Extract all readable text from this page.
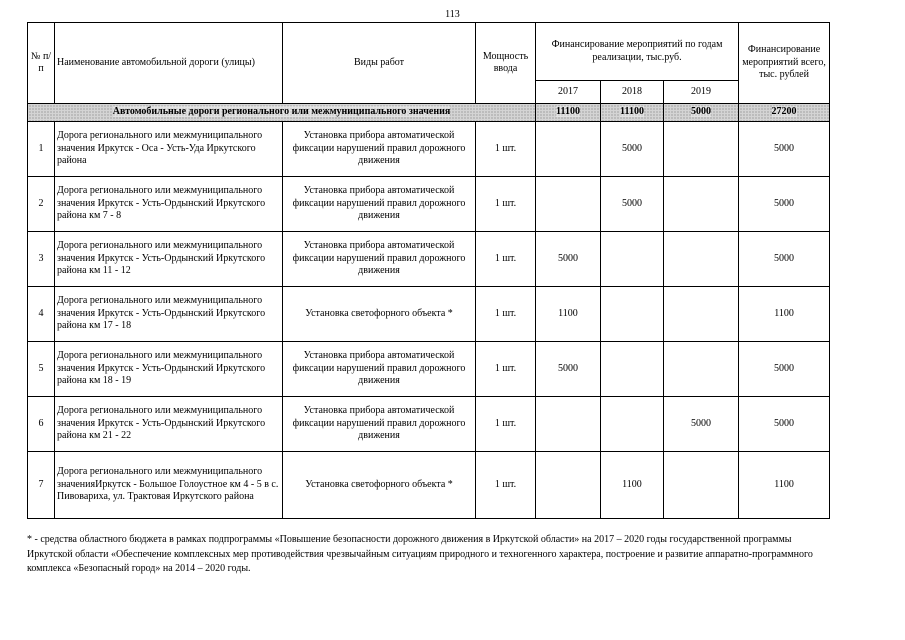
113
№ п/п	Наименование автомобильной дороги (улицы)	Виды работ	Мощность ввода	Финансирование мероприятий по годам реализации, тыс.руб.			Финансирование мероприятий всего, тыс. рублей
				2017	2018	2019	
Автомобильные дороги регионального или межмуниципального значения				11100	11100	5000	27200
1	Дорога регионального или межмуниципального значения Иркутск - Оса - Усть-Уда Иркутского района	Установка прибора автоматической фиксации нарушений правил дорожного движения	1 шт.		5000		5000
2	Дорога регионального или межмуниципального значения Иркутск - Усть-Ордынский Иркутского района км 7 - 8	Установка прибора автоматической фиксации нарушений правил дорожного движения	1 шт.		5000		5000
3	Дорога регионального или межмуниципального значения Иркутск - Усть-Ордынский Иркутского района км 11 - 12	Установка прибора автоматической фиксации нарушений правил дорожного движения	1 шт.	5000			5000
4	Дорога регионального или межмуниципального значения Иркутск - Усть-Ордынский Иркутского района км 17 - 18	Установка светофорного объекта *	1 шт.	1100			1100
5	Дорога регионального или межмуниципального значения Иркутск - Усть-Ордынский Иркутского района км 18 - 19	Установка прибора автоматической фиксации нарушений правил дорожного движения	1 шт.	5000			5000
6	Дорога регионального или межмуниципального значения Иркутск - Усть-Ордынский Иркутского района км 21 - 22	Установка прибора автоматической фиксации нарушений правил дорожного движения	1 шт.			5000	5000
7	Дорога регионального или межмуниципального значенияИркутск - Большое Голоустное км 4 - 5 в с. Пивовариха, ул. Трактовая Иркутского района	Установка светофорного объекта *	1 шт.		1100		1100
* - средства областного бюджета в рамках подпрограммы «Повышение безопасности дорожного движения в Иркутской области» на 2017 – 2020 годы государственной программы Иркутской области «Обеспечение комплексных мер противодействия чрезвычайным ситуациям природного и техногенного характера, построение и развитие аппаратно-программного комплекса «Безопасный город» на 2014 – 2020 годы.
